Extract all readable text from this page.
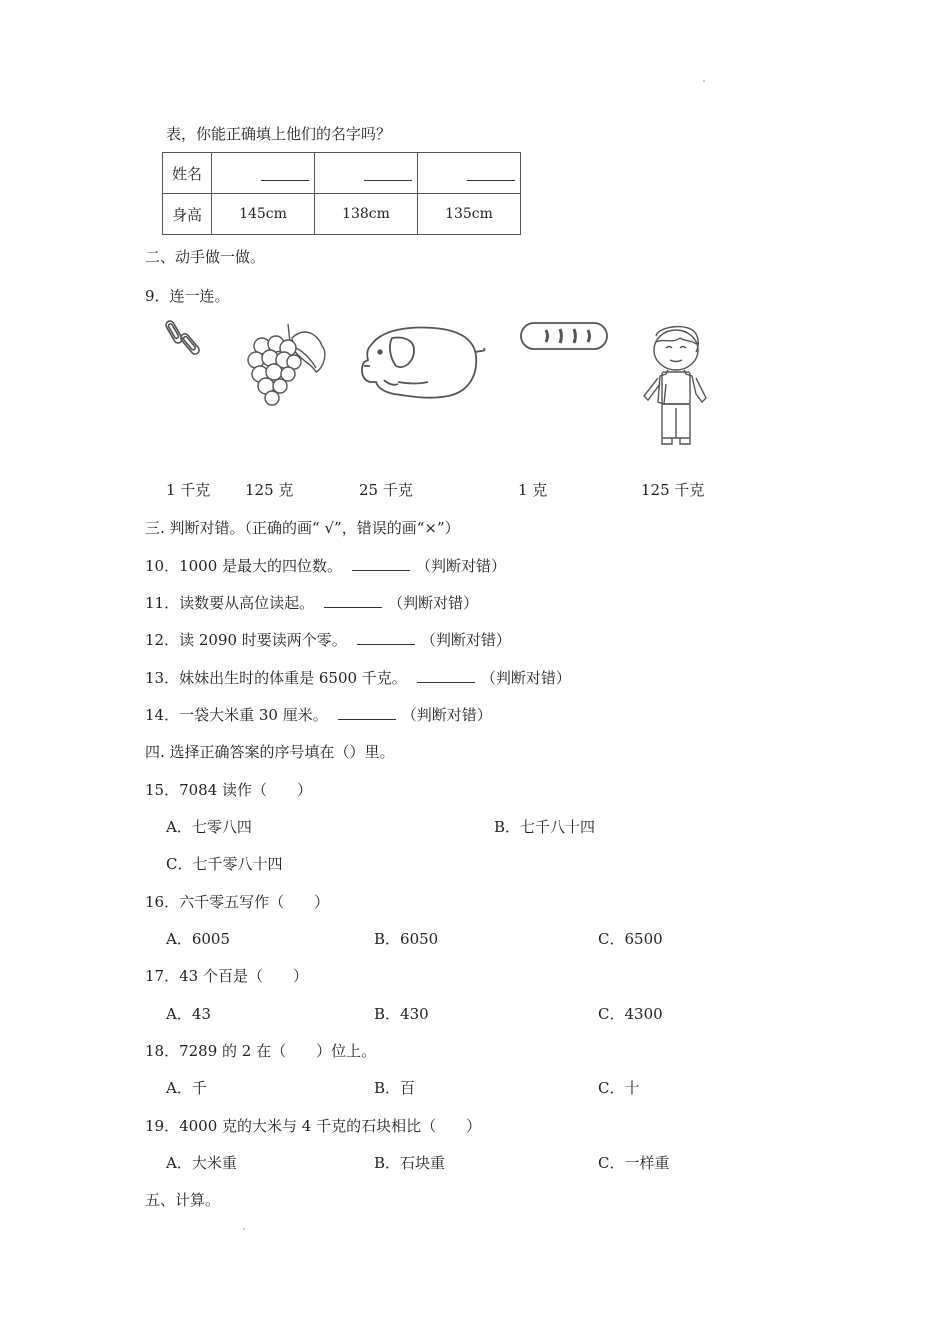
表，你能正确填上他们的名字吗？
姓名			
身高	145cm	138cm	135cm
二、动手做一做。
9．连一连。
1 千克 125 克	25 千克	1 克	125 千克
三. 判断对错。（正确的画“ √”，错误的画“×”）
10．1000 是最大的四位数。	（判断对错）
11．读数要从高位读起。	（判断对错）
12．读 2090 时要读两个零。	（判断对错）
13．妹妹出生时的体重是 6500 千克。	（判断对错）
14．一袋大米重 30 厘米。	（判断对错）
四. 选择正确答案的序号填在（）里。
15．7084 读作（　　）
A．七零八四	B．七千八十四
C．七千零八十四
16．六千零五写作（　　）
A．6005	B．6050	C．6500
17．43 个百是（　　）
A．43	B．430	C．4300
18．7289 的 2 在（　　）位上。
A．千	B．百	C．十
19．4000 克的大米与 4 千克的石块相比（　　）
A．大米重	B．石块重	C．一样重
五、计算。
